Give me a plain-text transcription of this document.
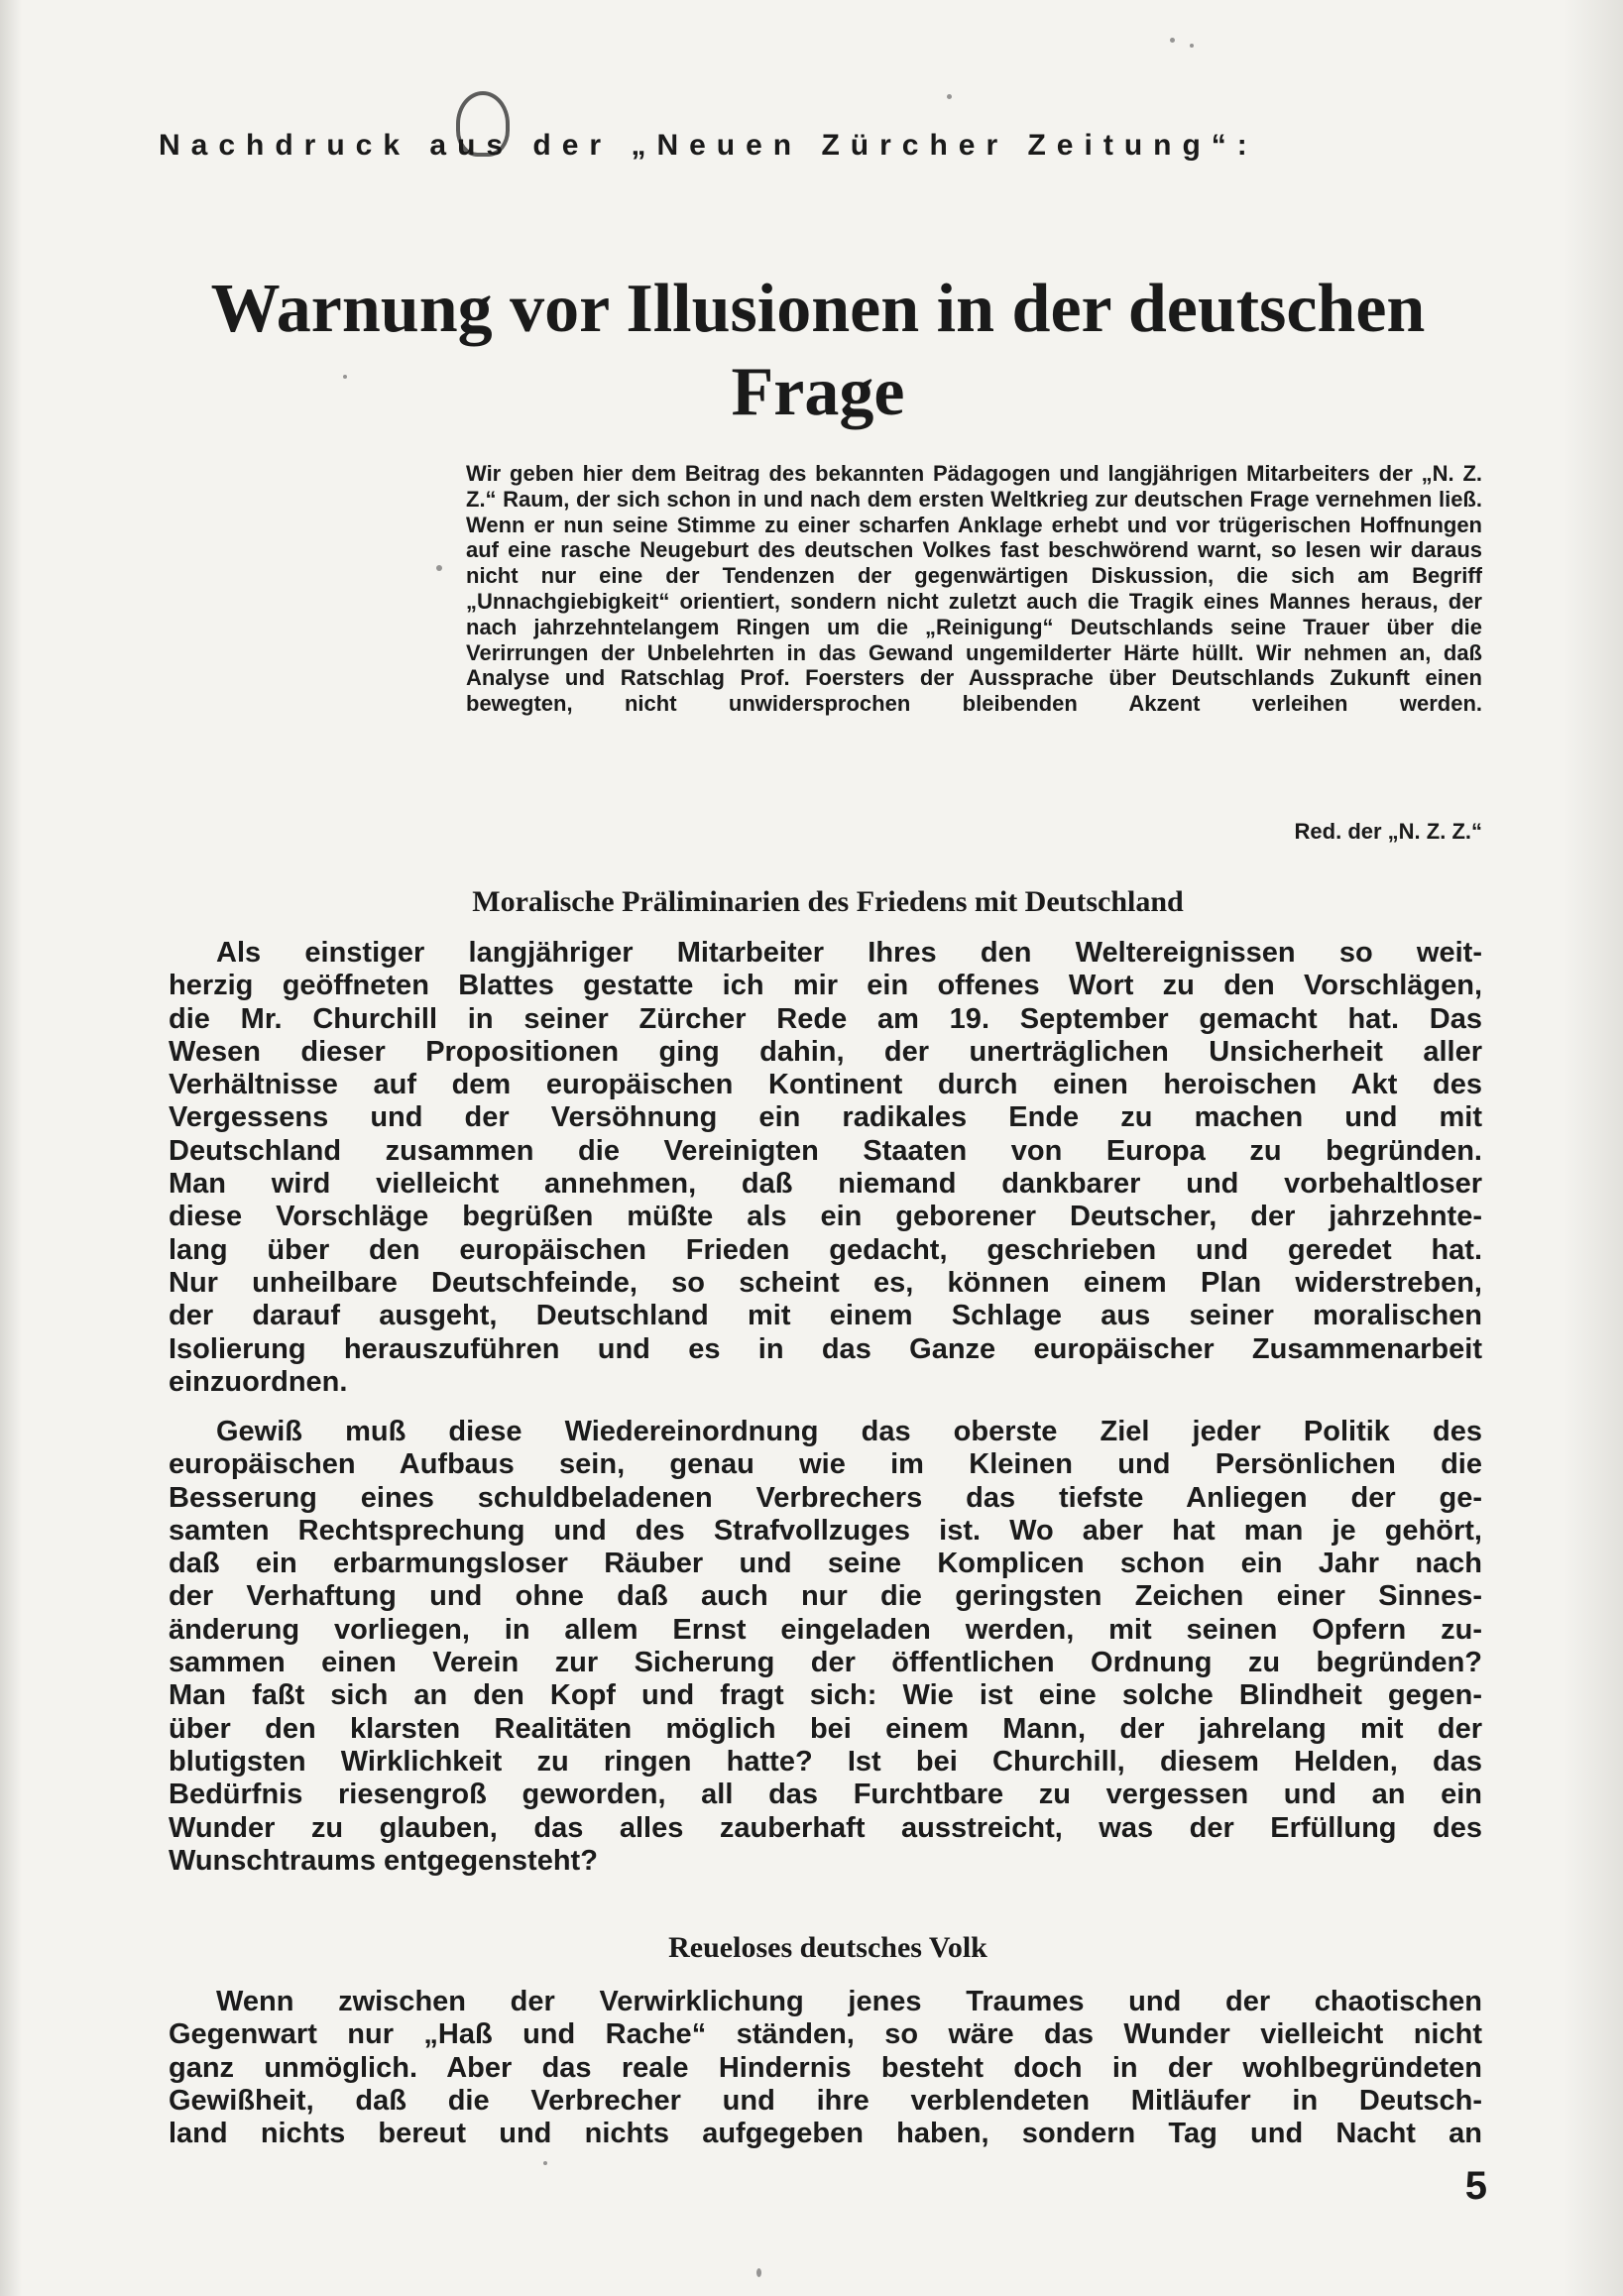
Nachdruck aus der „Neuen Zürcher Zeitung“:
Warnung vor Illusionen in der deutschen
Frage
Wir geben hier dem Beitrag des bekannten Pädagogen und langjährigen Mitarbeiters der „N. Z. Z.“ Raum, der sich schon in und nach dem ersten Weltkrieg zur deutschen Frage vernehmen ließ. Wenn er nun seine Stimme zu einer scharfen Anklage erhebt und vor trügerischen Hoffnungen auf eine rasche Neugeburt des deutschen Volkes fast beschwörend warnt, so lesen wir daraus nicht nur eine der Tendenzen der gegenwärtigen Diskussion, die sich am Begriff „Unnachgiebigkeit“ orientiert, sondern nicht zuletzt auch die Tragik eines Mannes heraus, der nach jahrzehntelangem Ringen um die „Reinigung“ Deutschlands seine Trauer über die Verirrungen der Unbelehrten in das Gewand ungemilderter Härte hüllt. Wir nehmen an, daß Analyse und Ratschlag Prof. Foersters der Aussprache über Deutschlands Zukunft einen bewegten, nicht unwidersprochen bleibenden Akzent verleihen werden.
Red. der „N. Z. Z.“
Moralische Präliminarien des Friedens mit Deutschland
Als einstiger langjähriger Mitarbeiter Ihres den Weltereignissen so weit-
herzig geöffneten Blattes gestatte ich mir ein offenes Wort zu den Vorschlägen,
die Mr. Churchill in seiner Zürcher Rede am 19. September gemacht hat. Das
Wesen dieser Propositionen ging dahin, der unerträglichen Unsicherheit aller
Verhältnisse auf dem europäischen Kontinent durch einen heroischen Akt des
Vergessens und der Versöhnung ein radikales Ende zu machen und mit
Deutschland zusammen die Vereinigten Staaten von Europa zu begründen.
Man wird vielleicht annehmen, daß niemand dankbarer und vorbehaltloser
diese Vorschläge begrüßen müßte als ein geborener Deutscher, der jahrzehnte-
lang über den europäischen Frieden gedacht, geschrieben und geredet hat.
Nur unheilbare Deutschfeinde, so scheint es, können einem Plan widerstreben,
der darauf ausgeht, Deutschland mit einem Schlage aus seiner moralischen
Isolierung herauszuführen und es in das Ganze europäischer Zusammenarbeit
einzuordnen.
Gewiß muß diese Wiedereinordnung das oberste Ziel jeder Politik des
europäischen Aufbaus sein, genau wie im Kleinen und Persönlichen die
Besserung eines schuldbeladenen Verbrechers das tiefste Anliegen der ge-
samten Rechtsprechung und des Strafvollzuges ist. Wo aber hat man je gehört,
daß ein erbarmungsloser Räuber und seine Komplicen schon ein Jahr nach
der Verhaftung und ohne daß auch nur die geringsten Zeichen einer Sinnes-
änderung vorliegen, in allem Ernst eingeladen werden, mit seinen Opfern zu-
sammen einen Verein zur Sicherung der öffentlichen Ordnung zu begründen?
Man faßt sich an den Kopf und fragt sich: Wie ist eine solche Blindheit gegen-
über den klarsten Realitäten möglich bei einem Mann, der jahrelang mit der
blutigsten Wirklichkeit zu ringen hatte? Ist bei Churchill, diesem Helden, das
Bedürfnis riesengroß geworden, all das Furchtbare zu vergessen und an ein
Wunder zu glauben, das alles zauberhaft ausstreicht, was der Erfüllung des
Wunschtraums entgegensteht?
Reueloses deutsches Volk
Wenn zwischen der Verwirklichung jenes Traumes und der chaotischen
Gegenwart nur „Haß und Rache“ ständen, so wäre das Wunder vielleicht nicht
ganz unmöglich. Aber das reale Hindernis besteht doch in der wohlbegründeten
Gewißheit, daß die Verbrecher und ihre verblendeten Mitläufer in Deutsch-
land nichts bereut und nichts aufgegeben haben, sondern Tag und Nacht an
5
